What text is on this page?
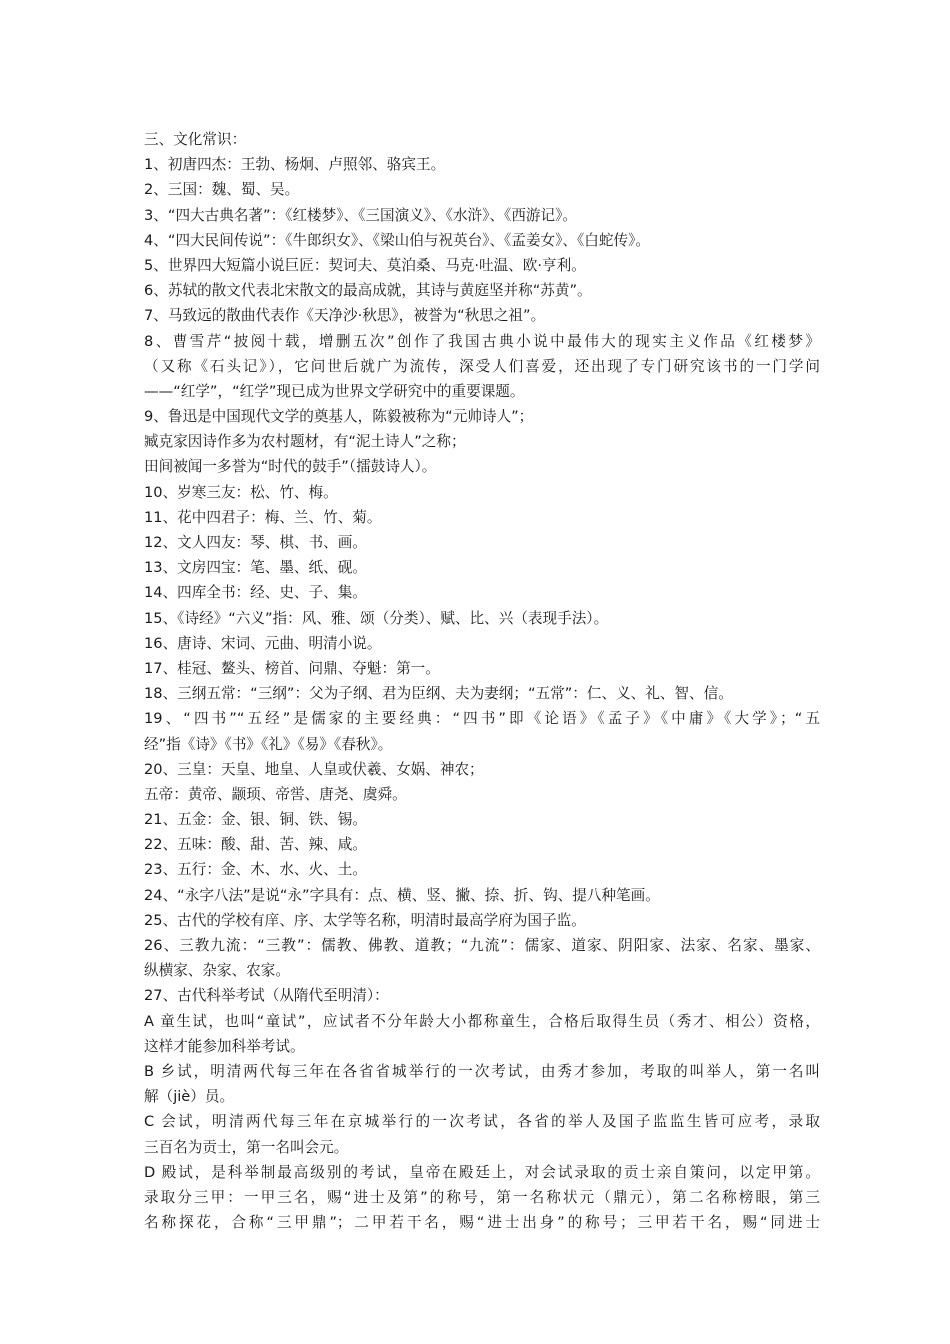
三、文化常识：
1、初唐四杰：王勃、杨炯、卢照邻、骆宾王。
2、三国：魏、蜀、吴。
3、“四大古典名著”：《红楼梦》、《三国演义》、《水浒》、《西游记》。
4、“四大民间传说”：《牛郎织女》、《梁山伯与祝英台》、《孟姜女》、《白蛇传》。
5、世界四大短篇小说巨匠：契诃夫、莫泊桑、马克·吐温、欧·亨利。
6、苏轼的散文代表北宋散文的最高成就，其诗与黄庭坚并称“苏黄”。
7、马致远的散曲代表作《天净沙·秋思》，被誉为“秋思之祖”。
8、曹雪芹“披阅十载，增删五次”创作了我国古典小说中最伟大的现实主义作品《红楼梦》
（又称《石头记》），它问世后就广为流传，深受人们喜爱，还出现了专门研究该书的一门学问
——“红学”，“红学”现已成为世界文学研究中的重要课题。
9、鲁迅是中国现代文学的奠基人，陈毅被称为“元帅诗人”；
臧克家因诗作多为农村题材，有“泥土诗人”之称；
田间被闻一多誉为“时代的鼓手”（擂鼓诗人）。
10、岁寒三友：松、竹、梅。
11、花中四君子：梅、兰、竹、菊。
12、文人四友：琴、棋、书、画。
13、文房四宝：笔、墨、纸、砚。
14、四库全书：经、史、子、集。
15、《诗经》“六义”指：风、雅、颂（分类）、赋、比、兴（表现手法）。
16、唐诗、宋词、元曲、明清小说。
17、桂冠、鳌头、榜首、问鼎、夺魁：第一。
18、三纲五常：“三纲”：父为子纲、君为臣纲、夫为妻纲；“五常”：仁、义、礼、智、信。
19、“四书”“五经”是儒家的主要经典：“四书”即《论语》《孟子》《中庸》《大学》；“五
经”指《诗》《书》《礼》《易》《春秋》。
20、三皇：天皇、地皇、人皇或伏羲、女娲、神农；
五帝：黄帝、颛顼、帝喾、唐尧、虞舜。
21、五金：金、银、铜、铁、锡。
22、五味：酸、甜、苦、辣、咸。
23、五行：金、木、水、火、土。
24、“永字八法”是说“永”字具有：点、横、竖、撇、捺、折、钩、提八种笔画。
25、古代的学校有庠、序、太学等名称，明清时最高学府为国子监。
26、三教九流：“三教”：儒教、佛教、道教；“九流”：儒家、道家、阴阳家、法家、名家、墨家、
纵横家、杂家、农家。
27、古代科举考试（从隋代至明清）：
A 童生试，也叫“童试”，应试者不分年龄大小都称童生，合格后取得生员（秀才、相公）资格，
这样才能参加科举考试。
B 乡试，明清两代每三年在各省省城举行的一次考试，由秀才参加，考取的叫举人，第一名叫
解（jiè）员。
C 会试，明清两代每三年在京城举行的一次考试，各省的举人及国子监监生皆可应考，录取
三百名为贡士，第一名叫会元。
D 殿试，是科举制最高级别的考试，皇帝在殿廷上，对会试录取的贡士亲自策问，以定甲第。
录取分三甲：一甲三名，赐“进士及第”的称号，第一名称状元（鼎元），第二名称榜眼，第三
名称探花，合称“三甲鼎”；二甲若干名，赐“进士出身”的称号；三甲若干名，赐“同进士
